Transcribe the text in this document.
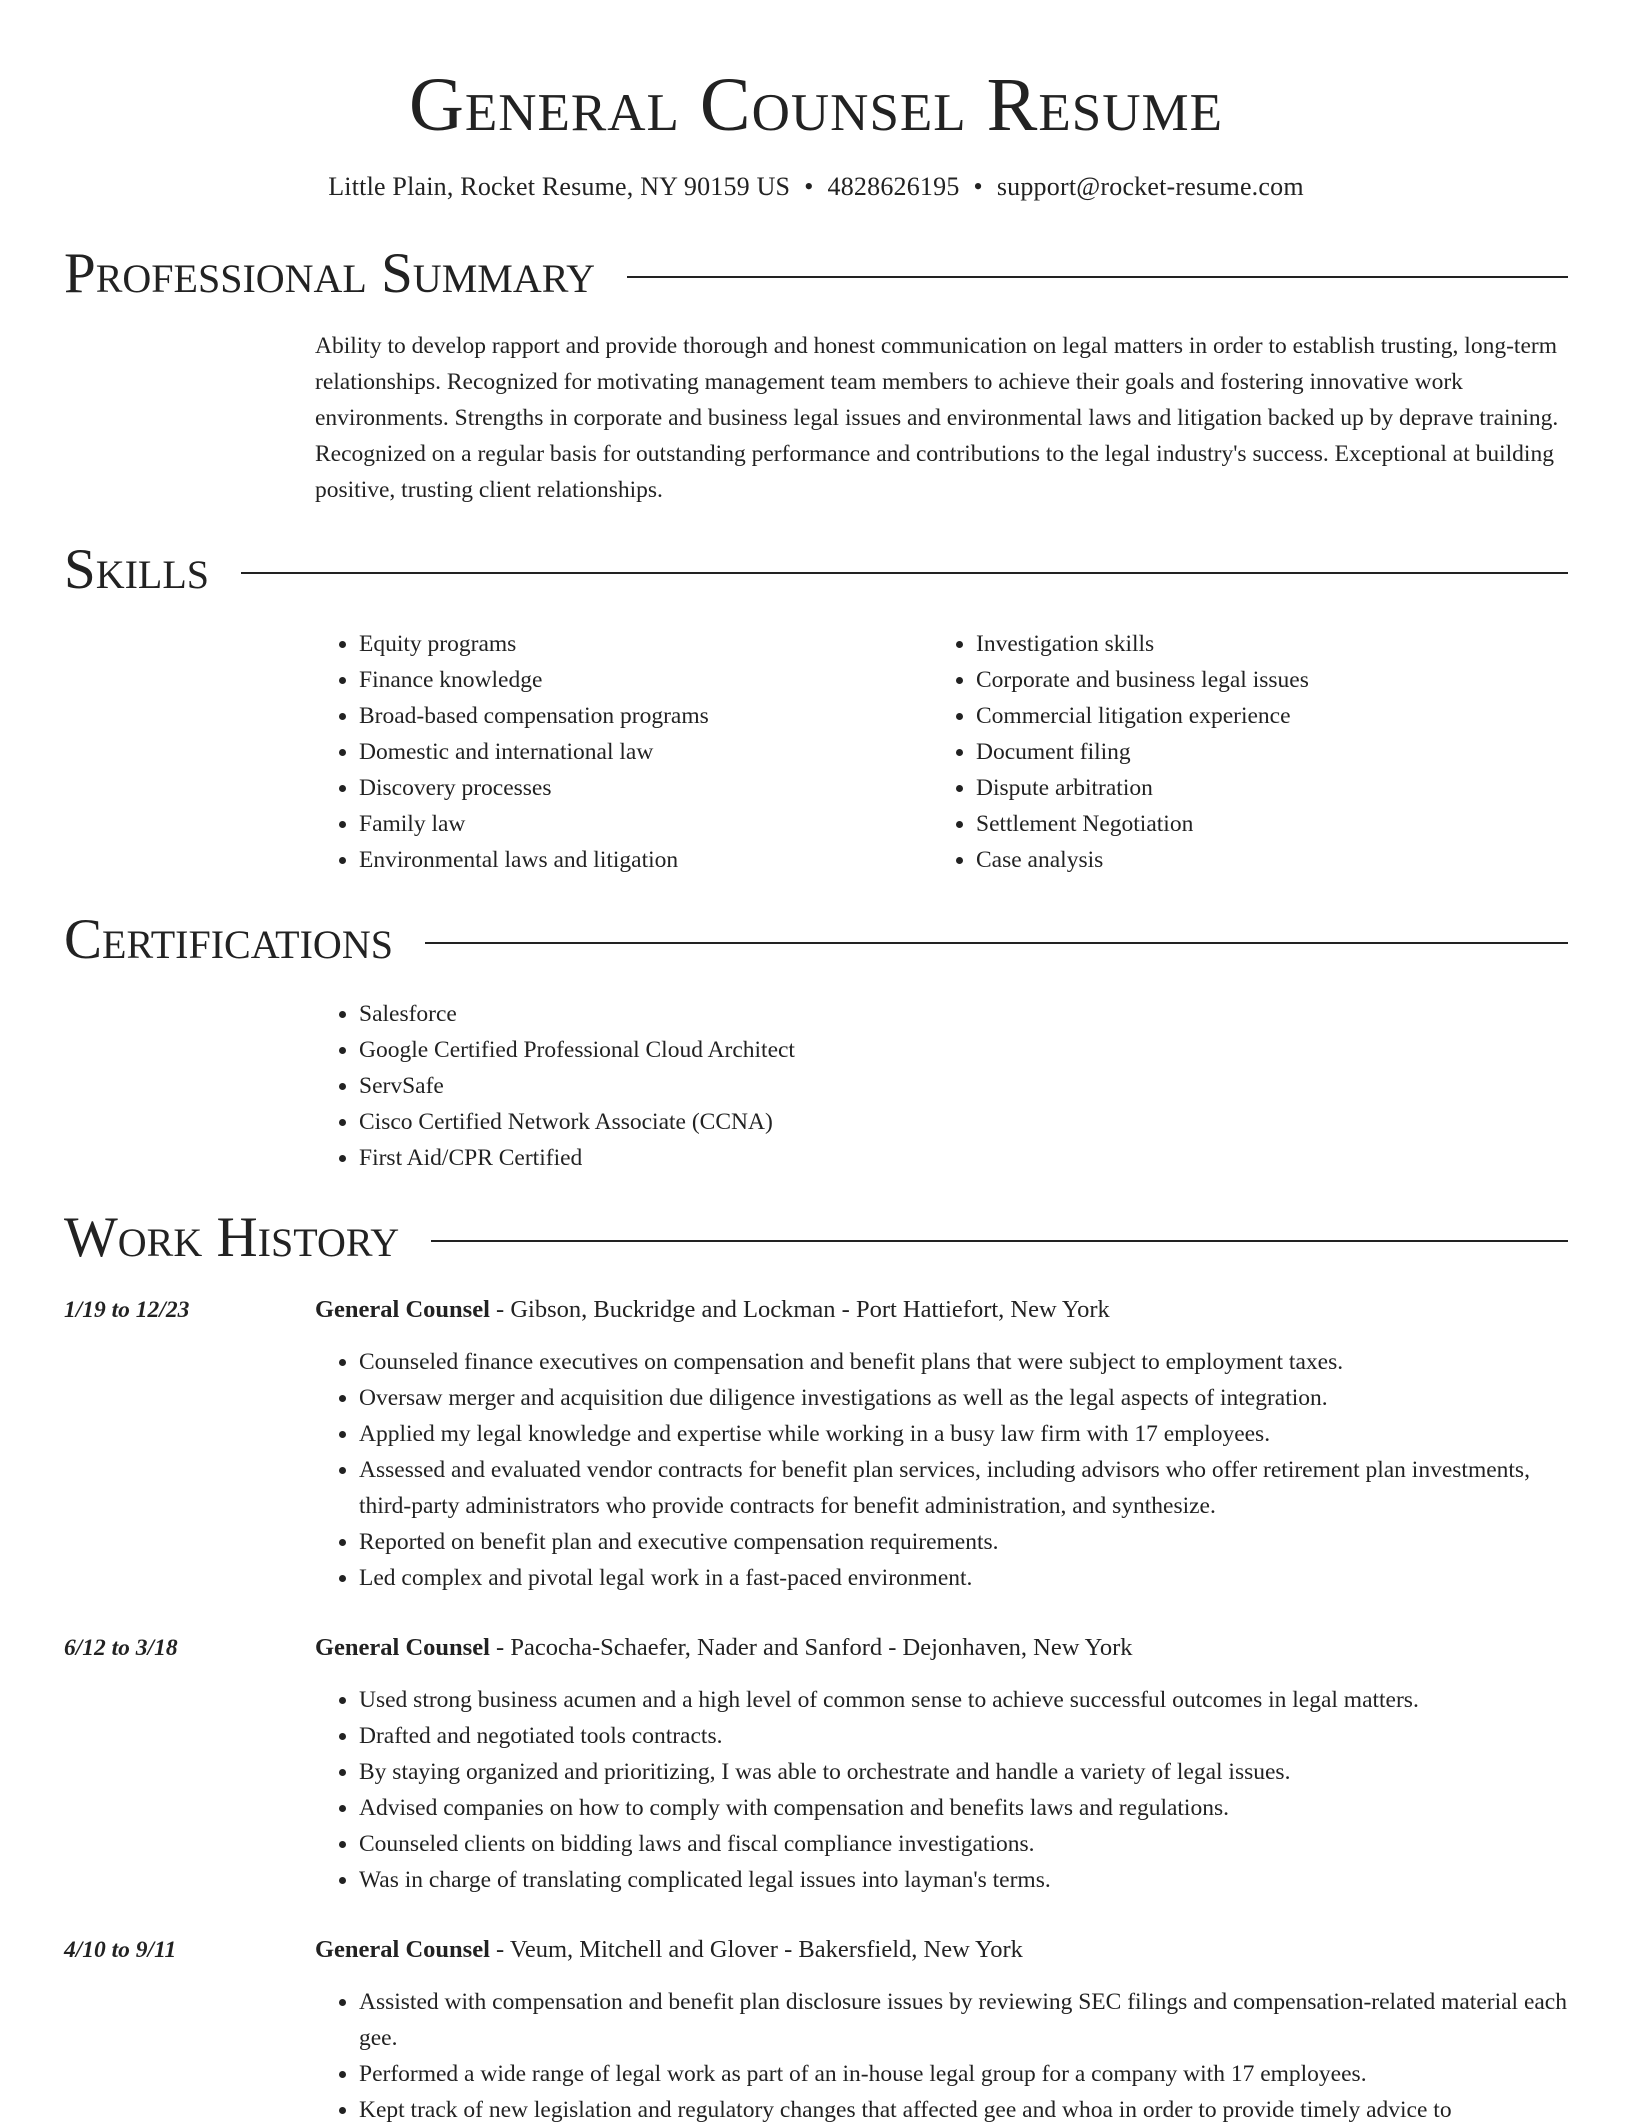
General Counsel Resume
Little Plain, Rocket Resume, NY 90159 US • 4828626195 • support@rocket-resume.com
Professional Summary
Ability to develop rapport and provide thorough and honest communication on legal matters in order to establish trusting, long-term relationships. Recognized for motivating management team members to achieve their goals and fostering innovative work environments. Strengths in corporate and business legal issues and environmental laws and litigation backed up by deprave training. Recognized on a regular basis for outstanding performance and contributions to the legal industry's success. Exceptional at building positive, trusting client relationships.
Skills
• Equity programs
• Finance knowledge
• Broad-based compensation programs
• Domestic and international law
• Discovery processes
• Family law
• Environmental laws and litigation
• Investigation skills
• Corporate and business legal issues
• Commercial litigation experience
• Document filing
• Dispute arbitration
• Settlement Negotiation
• Case analysis
Certifications
• Salesforce
• Google Certified Professional Cloud Architect
• ServSafe
• Cisco Certified Network Associate (CCNA)
• First Aid/CPR Certified
Work History
1/19 to 12/23	General Counsel - Gibson, Buckridge and Lockman - Port Hattiefort, New York
• Counseled finance executives on compensation and benefit plans that were subject to employment taxes.
• Oversaw merger and acquisition due diligence investigations as well as the legal aspects of integration.
• Applied my legal knowledge and expertise while working in a busy law firm with 17 employees.
• Assessed and evaluated vendor contracts for benefit plan services, including advisors who offer retirement plan investments, third-party administrators who provide contracts for benefit administration, and synthesize.
• Reported on benefit plan and executive compensation requirements.
• Led complex and pivotal legal work in a fast-paced environment.
6/12 to 3/18	General Counsel - Pacocha-Schaefer, Nader and Sanford - Dejonhaven, New York
• Used strong business acumen and a high level of common sense to achieve successful outcomes in legal matters.
• Drafted and negotiated tools contracts.
• By staying organized and prioritizing, I was able to orchestrate and handle a variety of legal issues.
• Advised companies on how to comply with compensation and benefits laws and regulations.
• Counseled clients on bidding laws and fiscal compliance investigations.
• Was in charge of translating complicated legal issues into layman's terms.
4/10 to 9/11	General Counsel - Veum, Mitchell and Glover - Bakersfield, New York
• Assisted with compensation and benefit plan disclosure issues by reviewing SEC filings and compensation-related material each gee.
• Performed a wide range of legal work as part of an in-house legal group for a company with 17 employees.
• Kept track of new legislation and regulatory changes that affected gee and whoa in order to provide timely advice to
